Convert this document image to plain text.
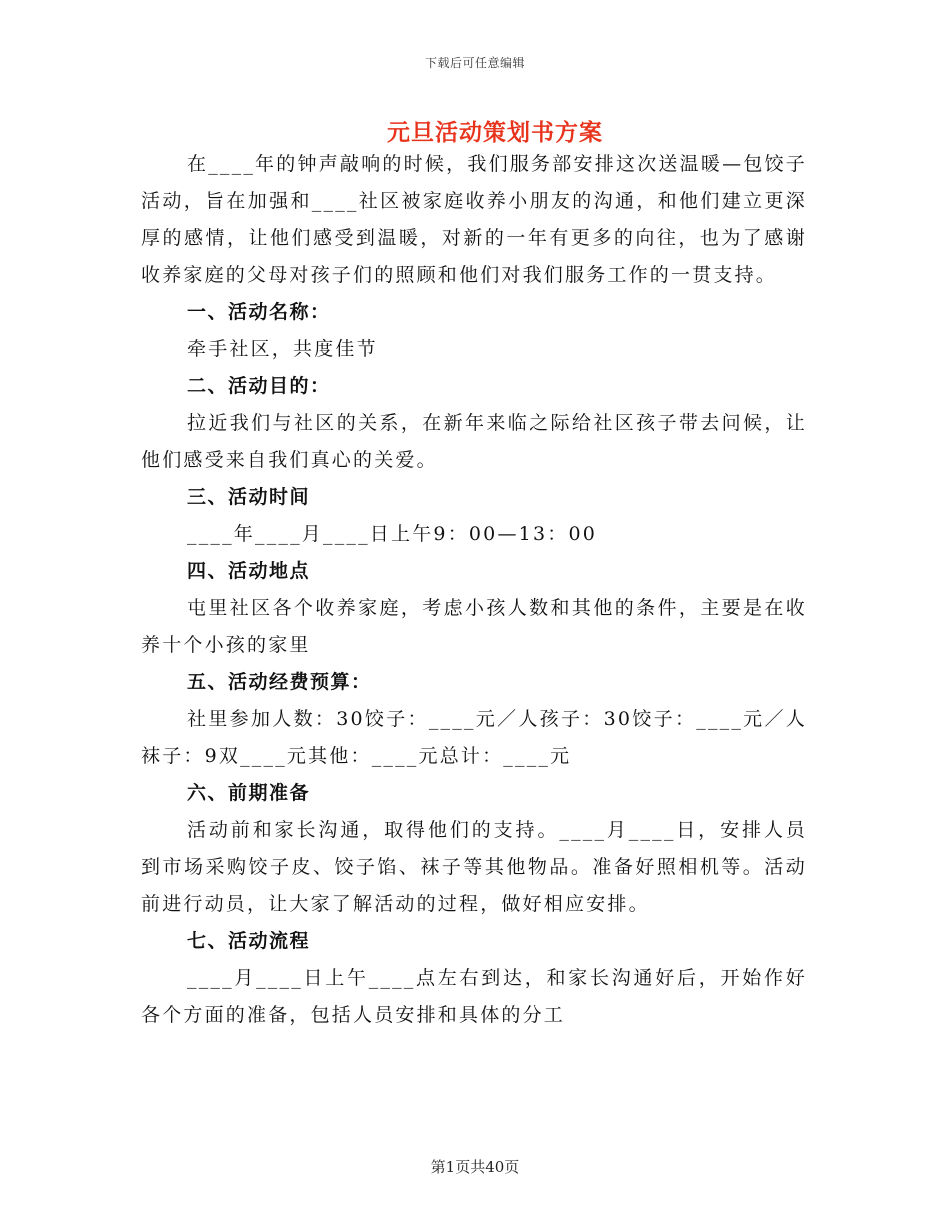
下载后可任意编辑
元旦活动策划书方案

在____年的钟声敲响的时候，我们服务部安排这次送温暖—包饺子活动，旨在加强和____社区被家庭收养小朋友的沟通，和他们建立更深厚的感情，让他们感受到温暖，对新的一年有更多的向往，也为了感谢收养家庭的父母对孩子们的照顾和他们对我们服务工作的一贯支持。

一、活动名称：

牵手社区，共度佳节

二、活动目的：

拉近我们与社区的关系，在新年来临之际给社区孩子带去问候，让他们感受来自我们真心的关爱。

三、活动时间

____年____月____日上午9：00—13：00

四、活动地点

屯里社区各个收养家庭，考虑小孩人数和其他的条件，主要是在收养十个小孩的家里

五、活动经费预算：

社里参加人数：30饺子：____元／人孩子：30饺子：____元／人袜子：9双____元其他：____元总计：____元

六、前期准备

活动前和家长沟通，取得他们的支持。____月____日，安排人员到市场采购饺子皮、饺子馅、袜子等其他物品。准备好照相机等。活动前进行动员，让大家了解活动的过程，做好相应安排。

七、活动流程

____月____日上午____点左右到达，和家长沟通好后，开始作好各个方面的准备，包括人员安排和具体的分工

第1页共40页
